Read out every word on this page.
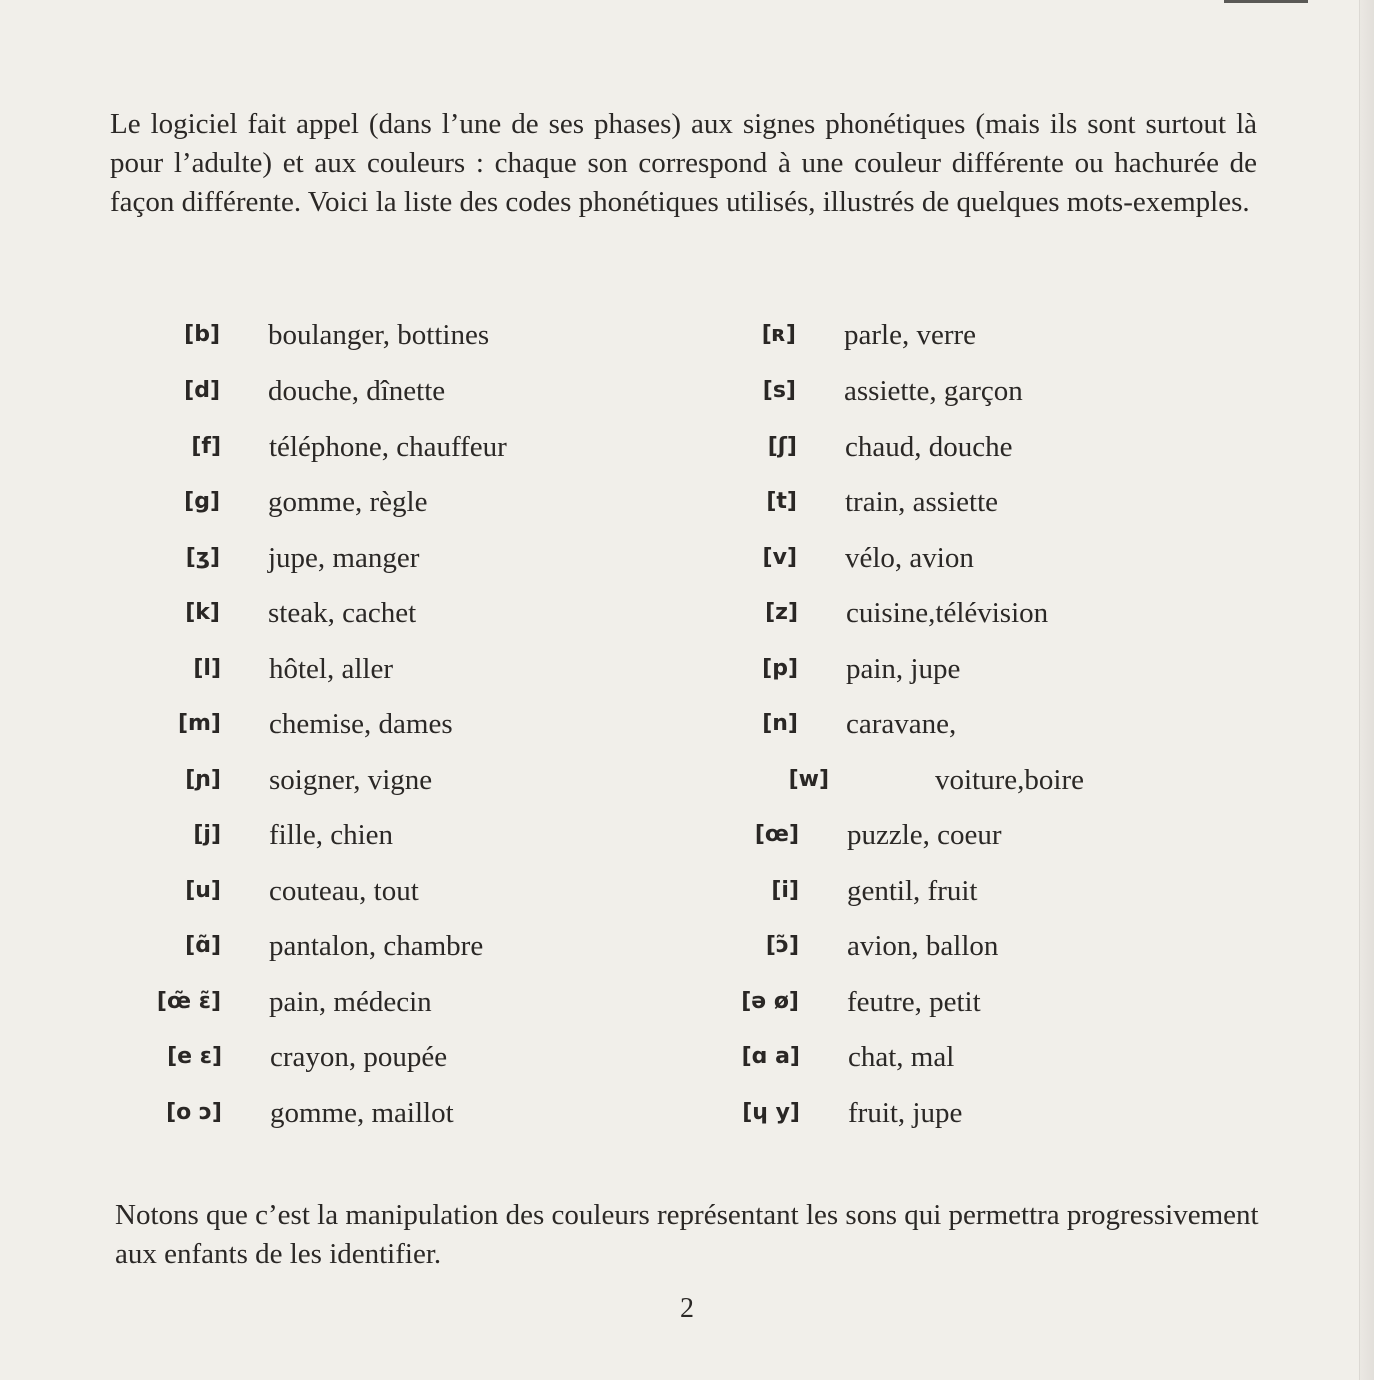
Le logiciel fait appel (dans l’une de ses phases) aux signes phonétiques (mais ils sont surtout là pour l’adulte) et aux couleurs : chaque son correspond à une couleur différente ou hachurée de façon différente. Voici la liste des codes phonétiques utilisés, illustrés de quelques mots-exemples.

[b] boulanger, bottines
[d] douche, dînette
[f] téléphone, chauffeur
[g] gomme, règle
[ʒ] jupe, manger
[k] steak, cachet
[l] hôtel, aller
[m] chemise, dames
[ɲ] soigner, vigne
[j] fille, chien
[u] couteau, tout
[ɑ̃] pantalon, chambre
[œ̃ ɛ̃] pain, médecin
[e ɛ] crayon, poupée
[o ɔ] gomme, maillot
[ʀ] parle, verre
[s] assiette, garçon
[ʃ] chaud, douche
[t] train, assiette
[v] vélo, avion
[z] cuisine,télévision
[p] pain, jupe
[n] caravane,
[w]	voiture,boire
[œ] puzzle, coeur
[i] gentil, fruit
[ɔ̃] avion, ballon
[ə ø] feutre, petit
[ɑ a] chat, mal
[ɥ y] fruit, jupe

Notons que c’est la manipulation des couleurs représentant les sons qui permettra progressivement aux enfants de les identifier.

2
